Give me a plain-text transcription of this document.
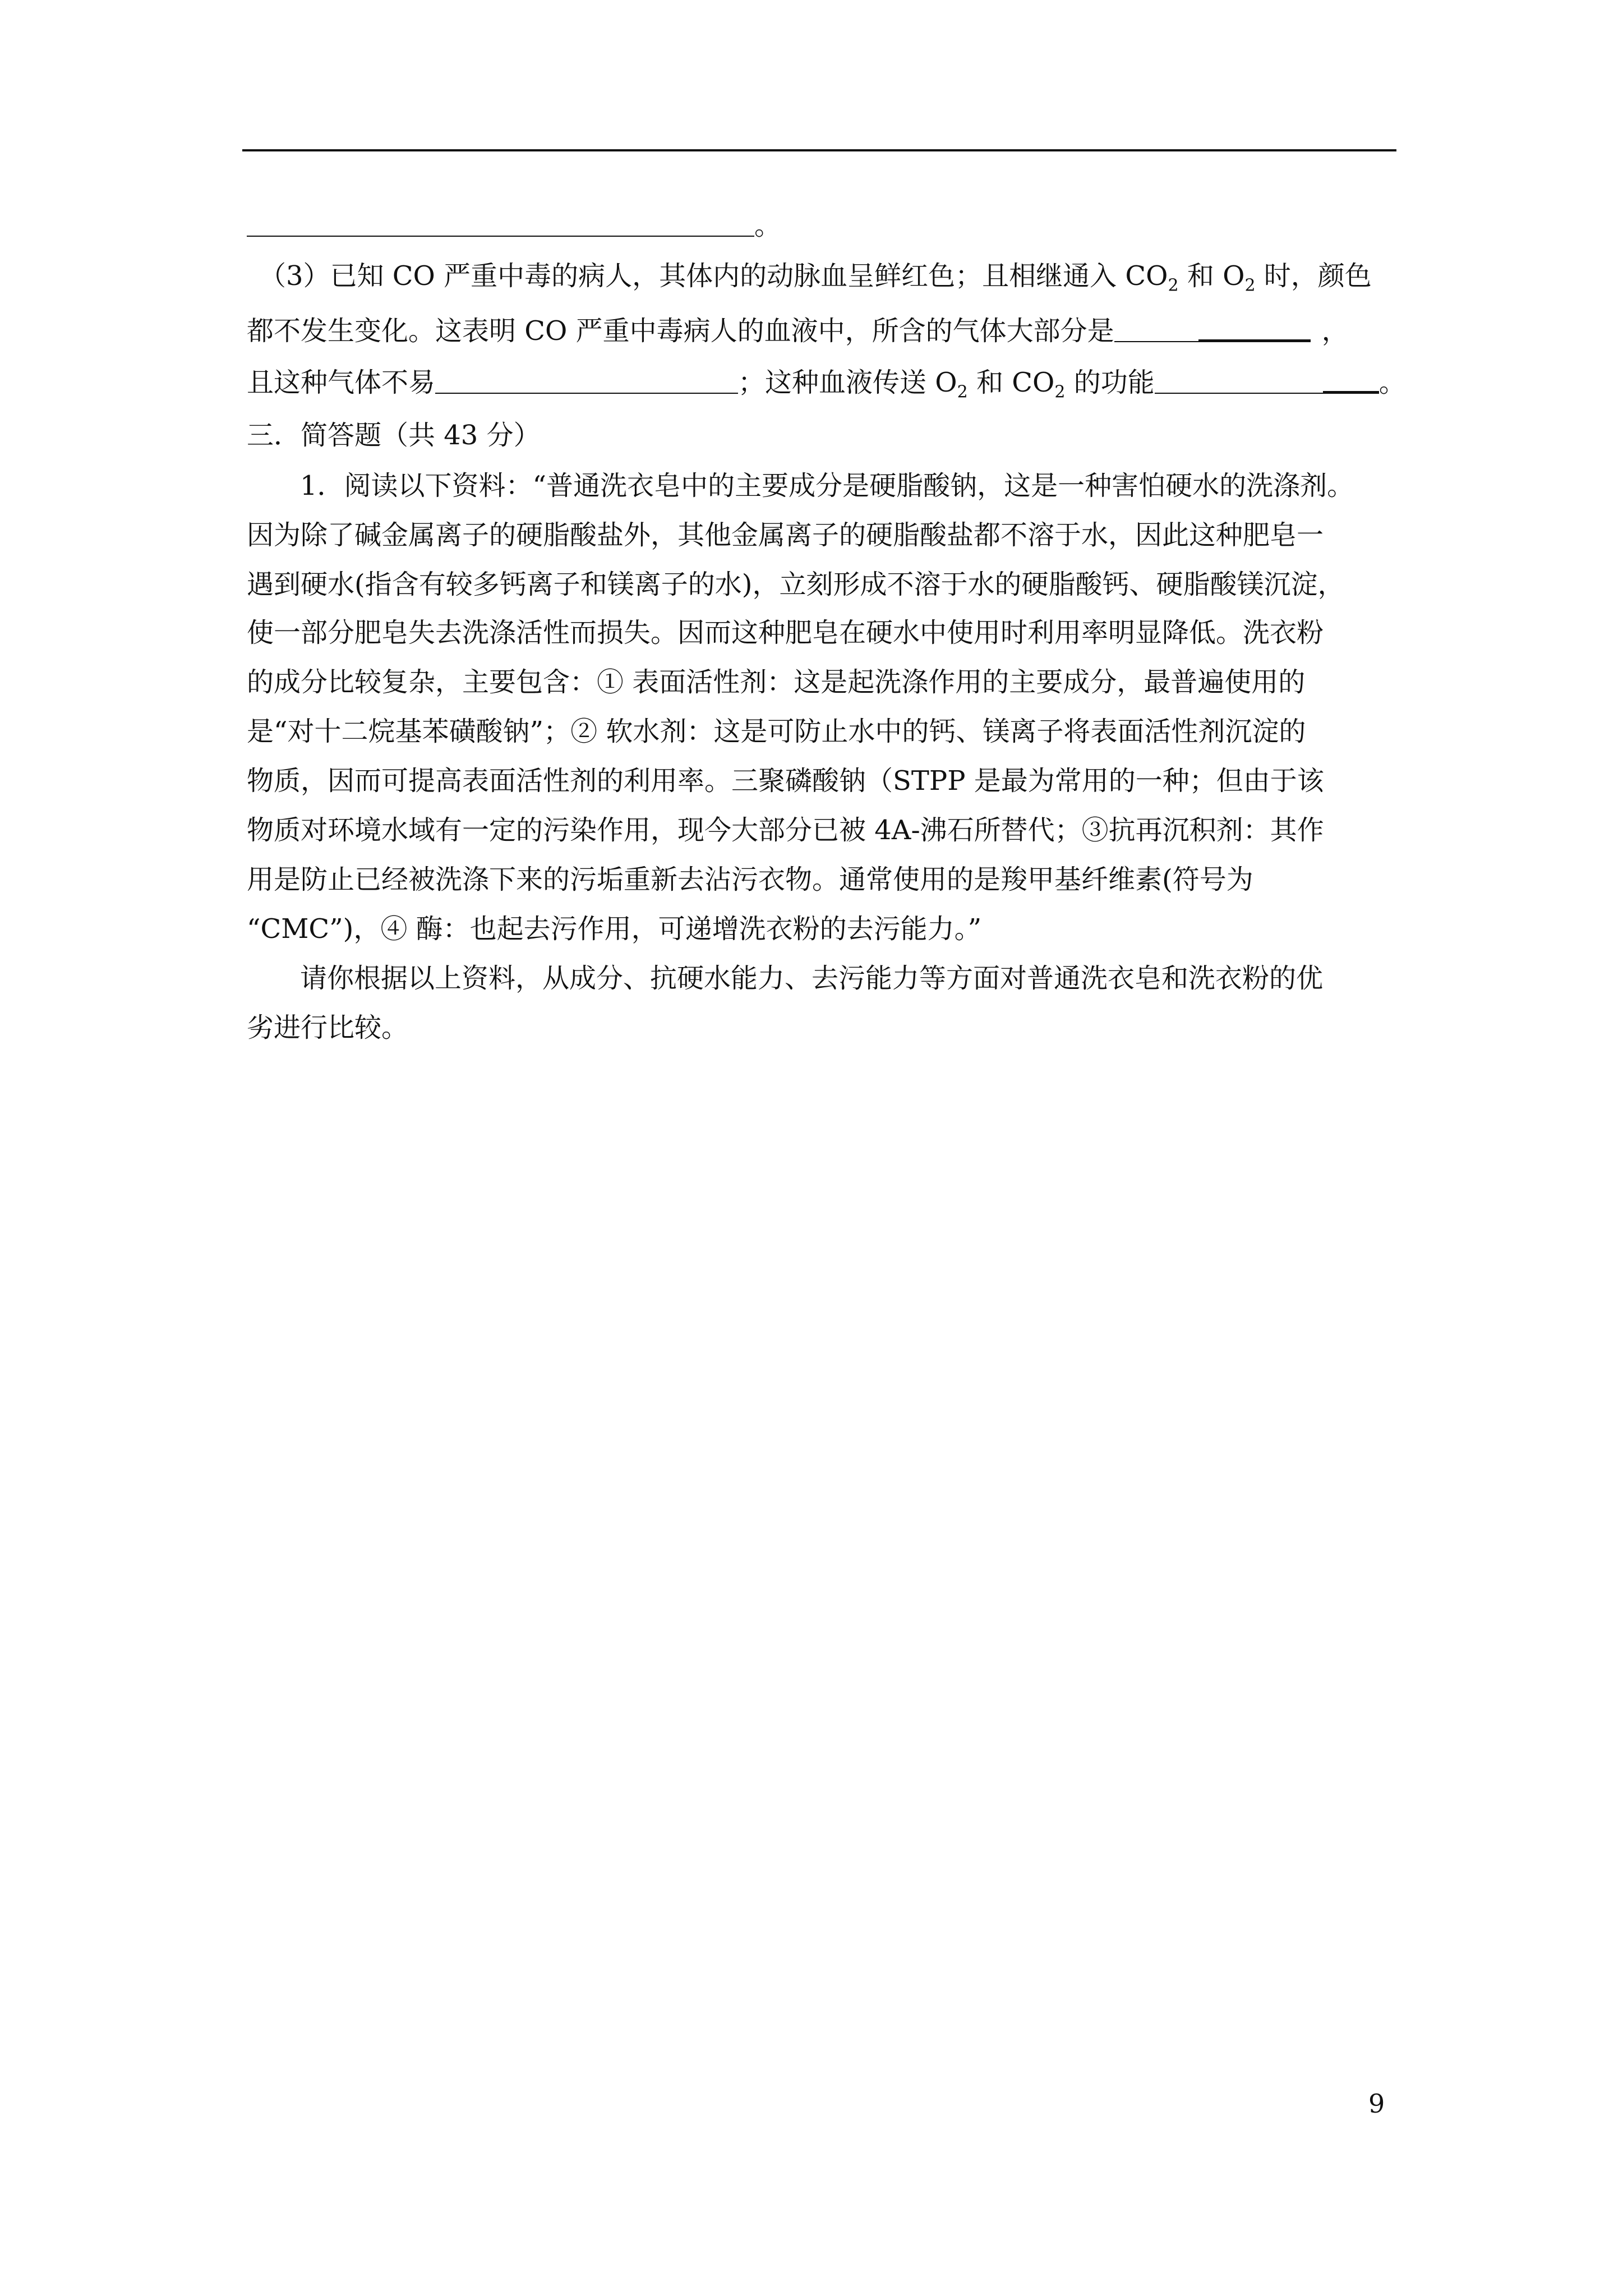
。
（3）已知 CO 严重中毒的病人，其体内的动脉血呈鲜红色；且相继通入 $CO_2$ 和 $O_2$ 时，颜色
都不发生变化。这表明 CO 严重中毒病人的血液中，所含的气体大部分是	，
且这种气体不易	；这种血液传送 $O_2$ 和 $CO_2$ 的功能	。
三．简答题（共 43 分）
1．阅读以下资料：“普通洗衣皂中的主要成分是硬脂酸钠，这是一种害怕硬水的洗涤剂。
因为除了碱金属离子的硬脂酸盐外，其他金属离子的硬脂酸盐都不溶于水，因此这种肥皂一
遇到硬水(指含有较多钙离子和镁离子的水)，立刻形成不溶于水的硬脂酸钙、硬脂酸镁沉淀，
使一部分肥皂失去洗涤活性而损失。因而这种肥皂在硬水中使用时利用率明显降低。洗衣粉
的成分比较复杂，主要包含：① 表面活性剂：这是起洗涤作用的主要成分，最普遍使用的
是“对十二烷基苯磺酸钠”；② 软水剂：这是可防止水中的钙、镁离子将表面活性剂沉淀的
物质，因而可提高表面活性剂的利用率。三聚磷酸钠（STPP 是最为常用的一种；但由于该
物质对环境水域有一定的污染作用，现今大部分已被 4A-沸石所替代；③抗再沉积剂：其作
用是防止已经被洗涤下来的污垢重新去沾污衣物。通常使用的是羧甲基纤维素(符号为
“CMC”)，④ 酶：也起去污作用，可递增洗衣粉的去污能力。”
请你根据以上资料，从成分、抗硬水能力、去污能力等方面对普通洗衣皂和洗衣粉的优
劣进行比较。
9
